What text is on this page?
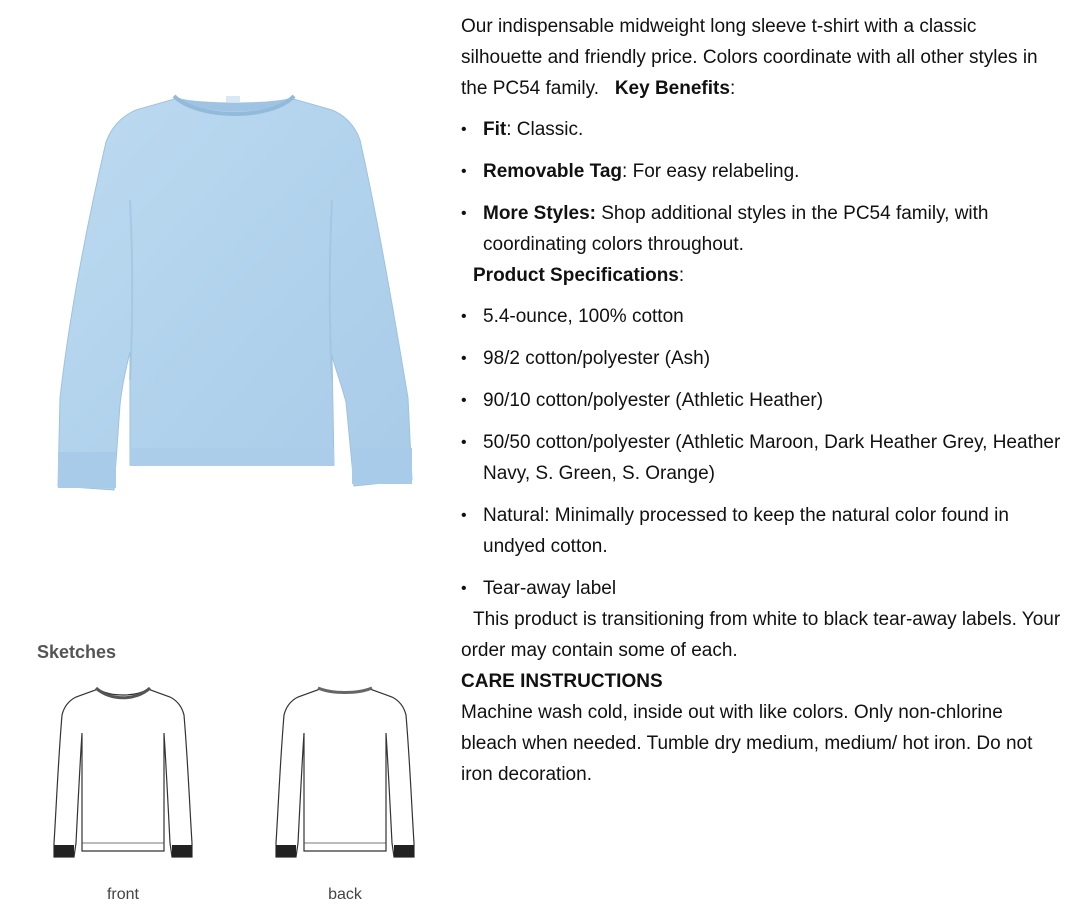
Sketches
front	back

Our indispensable midweight long sleeve t-shirt with a classic silhouette and friendly price. Colors coordinate with all other styles in the PC54 family. Key Benefits:

• Fit: Classic.
• Removable Tag: For easy relabeling.
• More Styles: Shop additional styles in the PC54 family, with coordinating colors throughout.

Product Specifications:

• 5.4-ounce, 100% cotton
• 98/2 cotton/polyester (Ash)
• 90/10 cotton/polyester (Athletic Heather)
• 50/50 cotton/polyester (Athletic Maroon, Dark Heather Grey, Heather Navy, S. Green, S. Orange)
• Natural: Minimally processed to keep the natural color found in undyed cotton.
• Tear-away label

This product is transitioning from white to black tear-away labels. Your order may contain some of each.

CARE INSTRUCTIONS

Machine wash cold, inside out with like colors. Only non-chlorine bleach when needed. Tumble dry medium, medium/ hot iron. Do not iron decoration.
